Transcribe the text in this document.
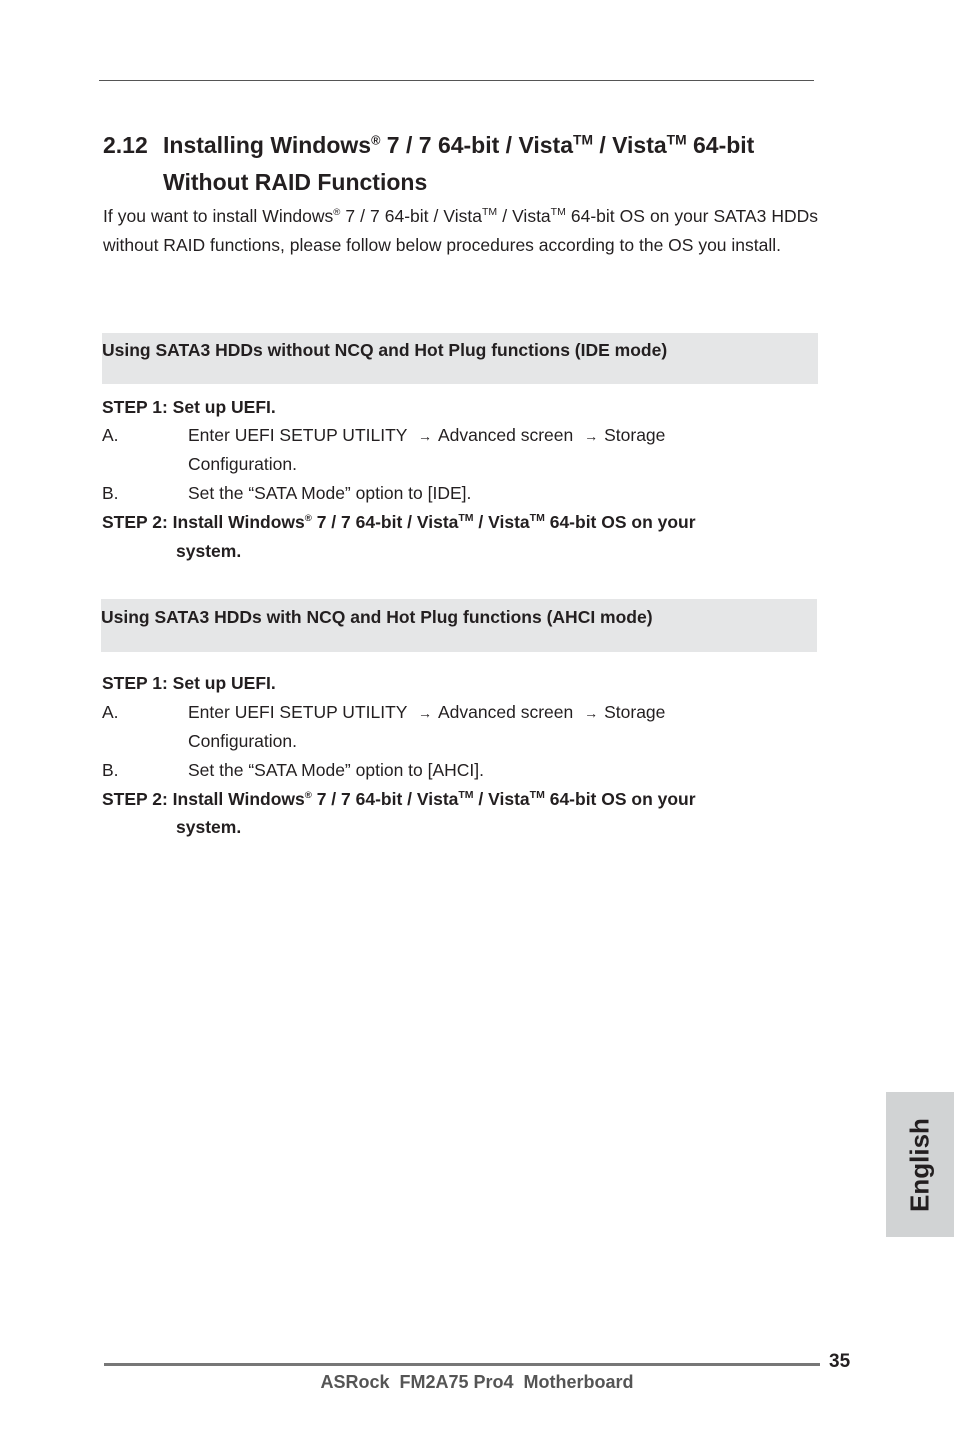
2.12 Installing Windows® 7 / 7 64-bit / Vista™ / Vista™ 64-bit
Without RAID Functions
If you want to install Windows® 7 / 7 64-bit / Vista™ / Vista™ 64-bit OS on your SATA3 HDDs without RAID functions, please follow below procedures according to the OS you install.
Using SATA3 HDDs without NCQ and Hot Plug functions (IDE mode)
STEP 1: Set up UEFI.
A.	Enter UEFI SETUP UTILITY → Advanced screen → Storage
Configuration.
B.	Set the “SATA Mode” option to [IDE].
STEP 2: Install Windows® 7 / 7 64-bit / Vista™ / Vista™ 64-bit OS on your
system.
Using SATA3 HDDs with NCQ and Hot Plug functions (AHCI mode)
STEP 1: Set up UEFI.
A.	Enter UEFI SETUP UTILITY → Advanced screen → Storage
Configuration.
B.	Set the “SATA Mode” option to [AHCI].
STEP 2: Install Windows® 7 / 7 64-bit / Vista™ / Vista™ 64-bit OS on your
system.
English
35
ASRock  FM2A75 Pro4  Motherboard
